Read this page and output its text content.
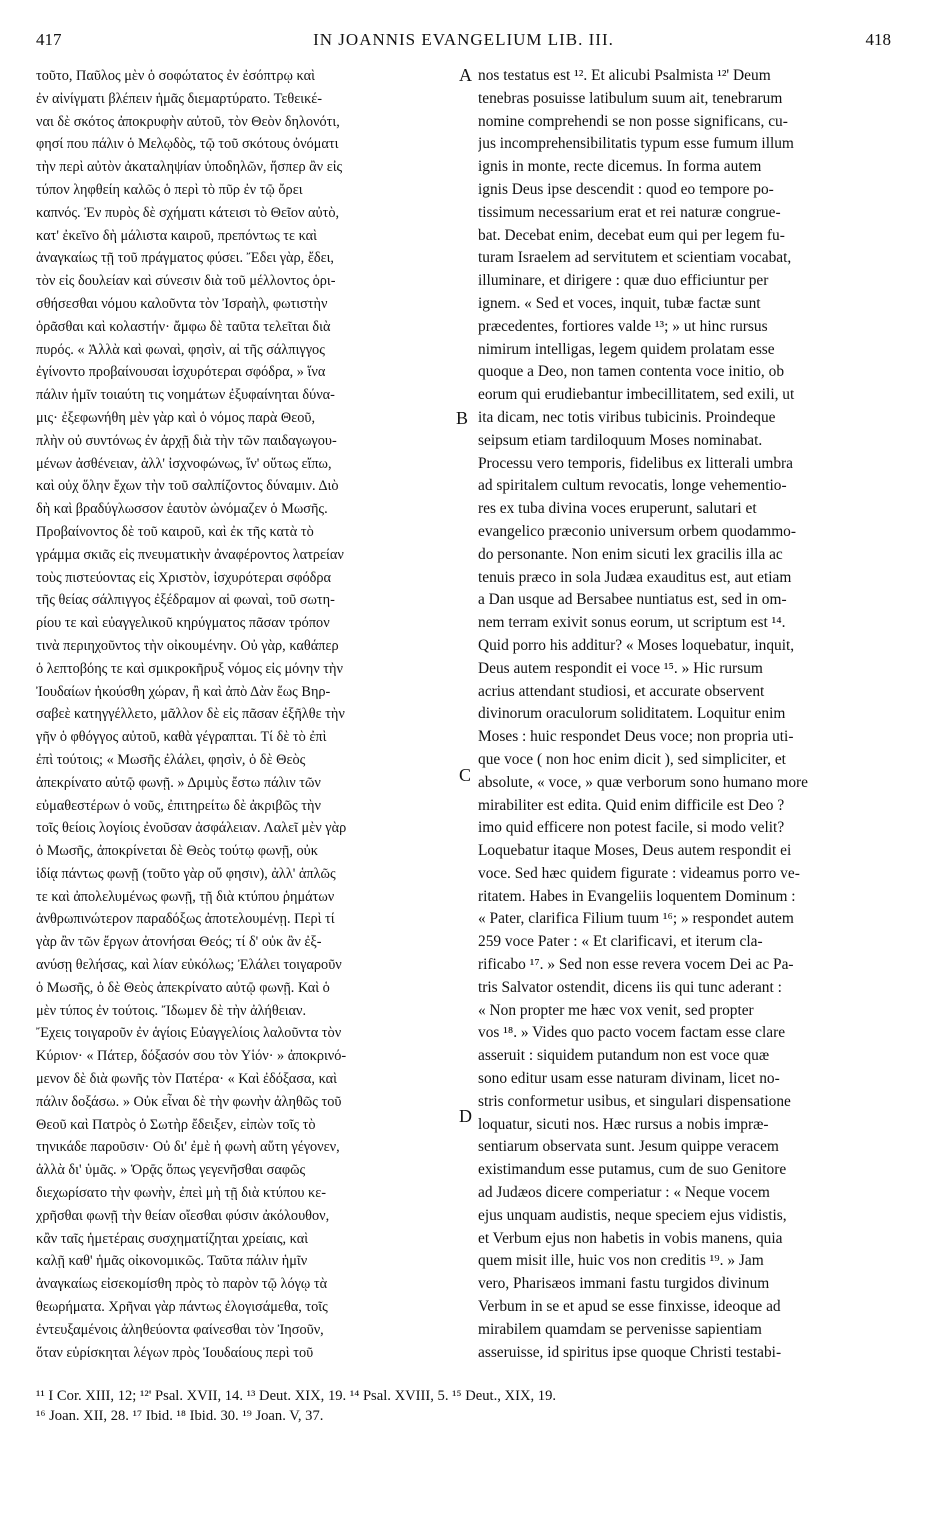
417	IN JOANNIS EVANGELIUM LIB. III.	418
τοῦτο, Παῦλος μὲν ὁ σοφώτατος ἐν ἐσόπτρῳ καὶ
ἐν αἰνίγματι βλέπειν ἡμᾶς διεμαρτύρατο. Τεθεικέ-
ναι δὲ σκότος ἀποκρυφὴν αὐτοῦ, τὸν Θεὸν δηλονότι,
φησί που πάλιν ὁ Μελῳδὸς, τῷ τοῦ σκότους ὀνόματι
τὴν περὶ αὐτὸν ἀκαταληψίαν ὑποδηλῶν, ἥσπερ ἂν εἰς
τύπον ληφθείη καλῶς ὁ περὶ τὸ πῦρ ἐν τῷ ὄρει
καπνός. Ἐν πυρὸς δὲ σχήματι κάτεισι τὸ Θεῖον αὐτὸ,
κατ' ἐκεῖνο δὴ μάλιστα καιροῦ, πρεπόντως τε καὶ
ἀναγκαίως τῇ τοῦ πράγματος φύσει. Ἔδει γὰρ, ἔδει,
τὸν εἰς δουλείαν καὶ σύνεσιν διὰ τοῦ μέλλοντος ὁρι-
σθήσεσθαι νόμου καλοῦντα τὸν Ἰσραὴλ, φωτιστὴν
ὁρᾶσθαι καὶ κολαστήν· ἄμφω δὲ ταῦτα τελεῖται διὰ
πυρός. « Ἀλλὰ καὶ φωναὶ, φησὶν, αἱ τῆς σάλπιγγος
ἐγίνοντο προβαίνουσαι ἰσχυρότεραι σφόδρα, » ἵνα
πάλιν ἡμῖν τοιαύτη τις νοημάτων ἐξυφαίνηται δύνα-
μις· ἐξεφωνήθη μὲν γὰρ καὶ ὁ νόμος παρὰ Θεοῦ,
πλὴν οὐ συντόνως ἐν ἀρχῇ διὰ τὴν τῶν παιδαγωγου-
μένων ἀσθένειαν, ἀλλ' ἰσχνοφώνως, ἵν' οὕτως εἴπω,
καὶ οὐχ ὅλην ἔχων τὴν τοῦ σαλπίζοντος δύναμιν. Διὸ
δὴ καὶ βραδύγλωσσον ἑαυτὸν ὠνόμαζεν ὁ Μωσῆς.
Προβαίνοντος δὲ τοῦ καιροῦ, καὶ ἐκ τῆς κατὰ τὸ
γράμμα σκιᾶς εἰς πνευματικὴν ἀναφέροντος λατρείαν
τοὺς πιστεύοντας εἰς Χριστὸν, ἰσχυρότεραι σφόδρα
τῆς θείας σάλπιγγος ἐξέδραμον αἱ φωναὶ, τοῦ σωτη-
ρίου τε καὶ εὐαγγελικοῦ κηρύγματος πᾶσαν τρόπον
τινὰ περιηχοῦντος τὴν οἰκουμένην. Οὐ γὰρ, καθάπερ
ὁ λεπτοβόης τε καὶ σμικροκῆρυξ νόμος εἰς μόνην τὴν
Ἰουδαίων ἠκούσθη χώραν, ἢ καὶ ἀπὸ Δὰν ἕως Βηρ-
σαβεὲ κατηγγέλλετο, μᾶλλον δὲ εἰς πᾶσαν ἐξῆλθε τὴν
γῆν ὁ φθόγγος αὐτοῦ, καθὰ γέγραπται. Τί δὲ τὸ ἐπὶ
ἐπὶ τούτοις; « Μωσῆς ἐλάλει, φησὶν, ὁ δὲ Θεὸς
ἀπεκρίνατο αὐτῷ φωνῇ. » Δριμὺς ἔστω πάλιν τῶν
εὐμαθεστέρων ὁ νοῦς, ἐπιτηρείτω δὲ ἀκριβῶς τὴν
τοῖς θείοις λογίοις ἐνοῦσαν ἀσφάλειαν. Λαλεῖ μὲν γὰρ
ὁ Μωσῆς, ἀποκρίνεται δὲ Θεὸς τούτῳ φωνῇ, οὐκ
ἰδίᾳ πάντως φωνῇ (τοῦτο γὰρ οὔ φησιν), ἀλλ' ἁπλῶς
τε καὶ ἀπολελυμένως φωνῇ, τῇ διὰ κτύπου ῥημάτων
ἀνθρωπινώτερον παραδόξως ἀποτελουμένῃ. Περὶ τί
γὰρ ἂν τῶν ἔργων ἀτονήσαι Θεός; τί δ' οὐκ ἂν ἐξ-
ανύσῃ θελήσας, καὶ λίαν εὐκόλως; Ἐλάλει τοιγαροῦν
ὁ Μωσῆς, ὁ δὲ Θεὸς ἀπεκρίνατο αὐτῷ φωνῇ. Καὶ ὁ
μὲν τύπος ἐν τούτοις. Ἴδωμεν δὲ τὴν ἀλήθειαν.
Ἔχεις τοιγαροῦν ἐν ἁγίοις Εὐαγγελίοις λαλοῦντα τὸν
Κύριον· « Πάτερ, δόξασόν σου τὸν Υἱόν· » ἀποκρινό-
μενον δὲ διὰ φωνῆς τὸν Πατέρα· « Καὶ ἐδόξασα, καὶ
πάλιν δοξάσω. » Οὐκ εἶναι δὲ τὴν φωνὴν ἀληθῶς τοῦ
Θεοῦ καὶ Πατρὸς ὁ Σωτὴρ ἔδειξεν, εἰπὼν τοῖς τὸ
τηνικάδε παροῦσιν· Οὐ δι' ἐμὲ ἡ φωνὴ αὕτη γέγονεν,
ἀλλὰ δι' ὑμᾶς. » Ὁρᾷς ὅπως γεγενῆσθαι σαφῶς
διεχωρίσατο τὴν φωνὴν, ἐπεὶ μὴ τῇ διὰ κτύπου κε-
χρῆσθαι φωνῇ τὴν θείαν οἴεσθαι φύσιν ἀκόλουθον,
κἂν ταῖς ἡμετέραις συσχηματίζηται χρείαις, καὶ
καλῇ καθ' ἡμᾶς οἰκονομικῶς. Ταῦτα πάλιν ἡμῖν
ἀναγκαίως εἰσεκομίσθη πρὸς τὸ παρὸν τῷ λόγῳ τὰ
θεωρήματα. Χρῆναι γὰρ πάντως ἐλογισάμεθα, τοῖς
ἐντευξαμένοις ἀληθεύοντα φαίνεσθαι τὸν Ἰησοῦν,
ὅταν εὑρίσκηται λέγων πρὸς Ἰουδαίους περὶ τοῦ
nos testatus est ¹². Et alicubi Psalmista ¹²' Deum
tenebras posuisse latibulum suum ait, tenebrarum
nomine comprehendi se non posse significans, cu-
jus incomprehensibilitatis typum esse fumum illum
ignis in monte, recte dicemus. In forma autem
ignis Deus ipse descendit : quod eo tempore po-
tissimum necessarium erat et rei naturæ congrue-
bat. Decebat enim, decebat eum qui per legem fu-
turam Israelem ad servitutem et scientiam vocabat,
illuminare, et dirigere : quæ duo efficiuntur per
ignem. « Sed et voces, inquit, tubæ factæ sunt
præcedentes, fortiores valde ¹³; » ut hinc rursus
nimirum intelligas, legem quidem prolatam esse
quoque a Deo, non tamen contenta voce initio, ob
eorum qui erudiebantur imbecillitatem, sed exili, ut
ita dicam, nec totis viribus tubicinis. Proindeque
seipsum etiam tardiloquum Moses nominabat.
Processu vero temporis, fidelibus ex litterali umbra
ad spiritalem cultum revocatis, longe vehementio-
res ex tuba divina voces eruperunt, salutari et
evangelico præconio universum orbem quodammo-
do personante. Non enim sicuti lex gracilis illa ac
tenuis præco in sola Judæa exauditus est, aut etiam
a Dan usque ad Bersabee nuntiatus est, sed in om-
nem terram exivit sonus eorum, ut scriptum est ¹⁴.
Quid porro his additur? « Moses loquebatur, inquit,
Deus autem respondit ei voce ¹⁵. » Hic rursum
acrius attendant studiosi, et accurate observent
divinorum oraculorum soliditatem. Loquitur enim
Moses : huic respondet Deus voce; non propria uti-
que voce ( non hoc enim dicit ), sed simpliciter, et
absolute, « voce, » quæ verborum sono humano more
mirabiliter est edita. Quid enim difficile est Deo ?
imo quid efficere non potest facile, si modo velit?
Loquebatur itaque Moses, Deus autem respondit ei
voce. Sed hæc quidem figurate : videamus porro ve-
ritatem. Habes in Evangeliis loquentem Dominum :
« Pater, clarifica Filium tuum ¹⁶; » respondet autem
259 voce Pater : « Et clarificavi, et iterum cla-
rificabo ¹⁷. » Sed non esse revera vocem Dei ac Pa-
tris Salvator ostendit, dicens iis qui tunc aderant :
« Non propter me hæc vox venit, sed propter
vos ¹⁸. » Vides quo pacto vocem factam esse clare
asseruit : siquidem putandum non est voce quæ
sono editur usam esse naturam divinam, licet no-
stris conformetur usibus, et singulari dispensatione
loquatur, sicuti nos. Hæc rursus a nobis impræ-
sentiarum observata sunt. Jesum quippe veracem
existimandum esse putamus, cum de suo Genitore
ad Judæos dicere comperiatur : « Neque vocem
ejus unquam audistis, neque speciem ejus vidistis,
et Verbum ejus non habetis in vobis manens, quia
quem misit ille, huic vos non creditis ¹⁹. » Jam
vero, Pharisæos immani fastu turgidos divinum
Verbum in se et apud se esse finxisse, ideoque ad
mirabilem quamdam se pervenisse sapientiam
asseruisse, id spiritus ipse quoque Christi testabi-
A
B
C
D
¹¹ I Cor. XIII, 12; ¹²' Psal. XVII, 14. ¹³ Deut. XIX, 19. ¹⁴ Psal. XVIII, 5. ¹⁵ Deut., XIX, 19.
¹⁶ Joan. XII, 28. ¹⁷ Ibid. ¹⁸ Ibid. 30. ¹⁹ Joan. V, 37.
